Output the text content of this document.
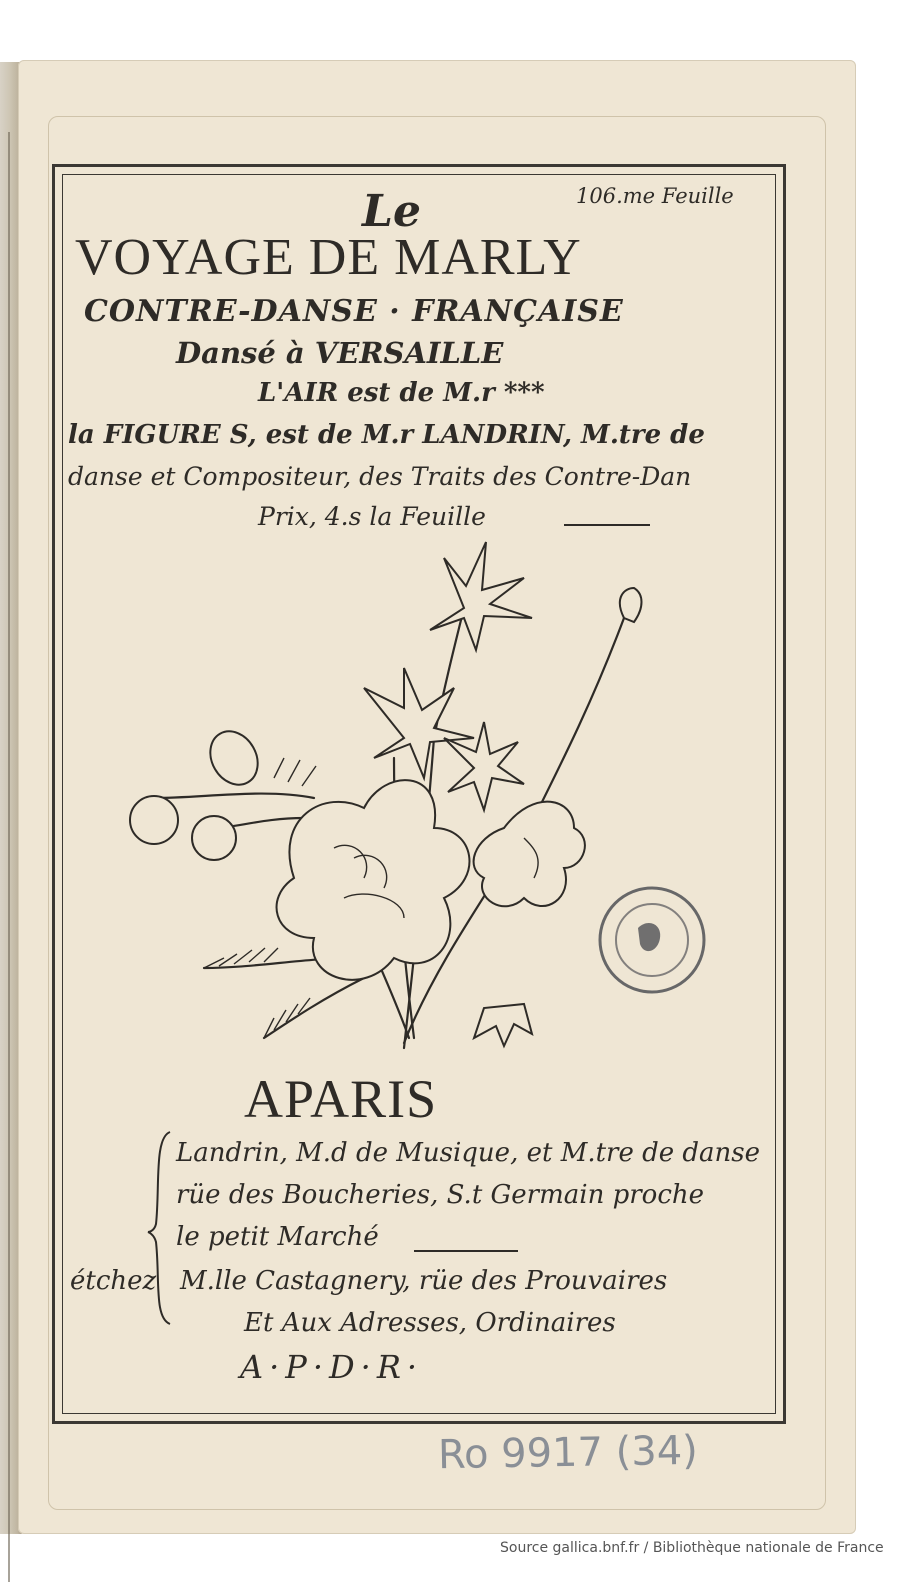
106.me Feuille
Le
VOYAGE DE MARLY
CONTRE-DANSE · FRANÇAISE
Dansé à VERSAILLE
L'AIR est de M.r ***
la FIGURE S, est de M.r LANDRIN, M.tre de
danse et Compositeur, des Traits des Contre-Dan
Prix, 4.s la Feuille
APARIS
Landrin, M.d de Musique, et M.tre de danse
rüe des Boucheries, S.t Germain proche
le petit Marché
étchez M.lle Castagnery, rüe des Prouvaires
Et Aux Adresses, Ordinaires
A·P·D·R·
Ro 9917 (34)
Source gallica.bnf.fr / Bibliothèque nationale de France
